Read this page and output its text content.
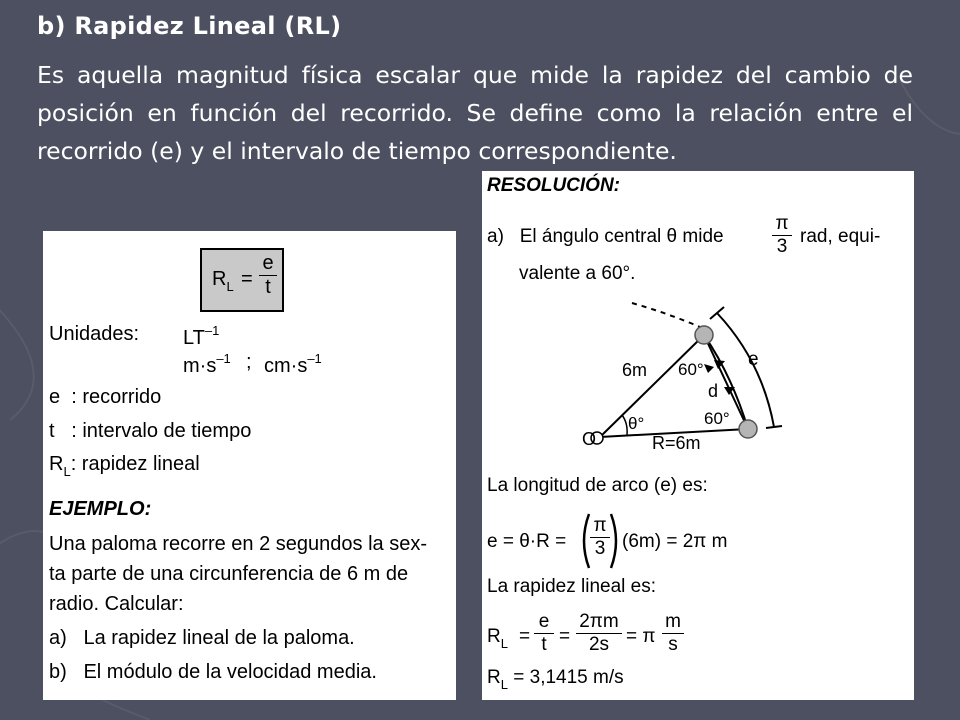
b) Rapidez Lineal (RL)
Es aquella magnitud física escalar que mide la rapidez del cambio de posición en función del recorrido. Se define como la relación entre el recorrido (e) y el intervalo de tiempo correspondiente.
$R_L = \frac{e}{t}$
Unidades: $LT^{-1}$
$m\cdot s^{-1}$ ; $cm\cdot s^{-1}$
e  : recorrido
t   : intervalo de tiempo
$R_L$: rapidez lineal
EJEMPLO:
Una paloma recorre en 2 segundos la sex-
ta parte de una circunferencia de 6 m de
radio. Calcular:
a)   La rapidez lineal de la paloma.
b)   El módulo de la velocidad media.
RESOLUCIÓN:
a)   El ángulo central θ mide	$\frac{\pi}{3}$ rad, equi-
valente a 60°.
O
6m
R=6m
θ°
60°
60°
d
e
La longitud de arco (e) es:
$e = \theta\cdot R = \frac{\pi}{3} (6m) = 2\pi$ m
La rapidez lineal es:
$R_L = \frac{e}{t} = \frac{2\pi m}{2s} = \pi \frac{m}{s}$
$R_L = 3,1415$ m/s
